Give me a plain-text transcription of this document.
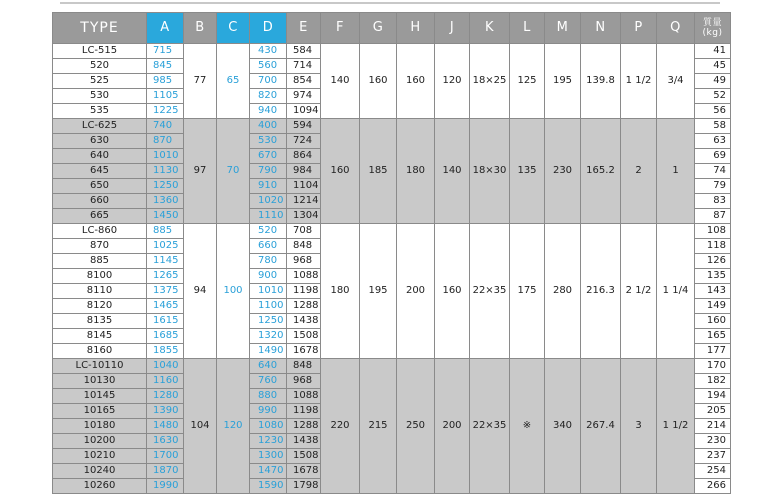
TYPE	A	B	C	D	E	F	G	H	J	K	L	M	N	P	Q	質量
(kg)
LC-515	715	77	65	430	584	140	160	160	120	18×25	125	195	139.8	1 1/2	3/4	41
520	845			560	714											45
525	985			700	854											49
530	1105			820	974											52
535	1225			940	1094											56
LC-625	740	97	70	400	594	160	185	180	140	18×30	135	230	165.2	2	1	58
630	870			530	724											63
640	1010			670	864											69
645	1130			790	984											74
650	1250			910	1104											79
660	1360			1020	1214											83
665	1450			1110	1304											87
LC-860	885	94	100	520	708	180	195	200	160	22×35	175	280	216.3	2 1/2	1 1/4	108
870	1025			660	848											118
885	1145			780	968											126
8100	1265			900	1088											135
8110	1375			1010	1198											143
8120	1465			1100	1288											149
8135	1615			1250	1438											160
8145	1685			1320	1508											165
8160	1855			1490	1678											177
LC-10110	1040	104	120	640	848	220	215	250	200	22×35	※	340	267.4	3	1 1/2	170
10130	1160			760	968											182
10145	1280			880	1088											194
10165	1390			990	1198											205
10180	1480			1080	1288											214
10200	1630			1230	1438											230
10210	1700			1300	1508											237
10240	1870			1470	1678											254
10260	1990			1590	1798											266
